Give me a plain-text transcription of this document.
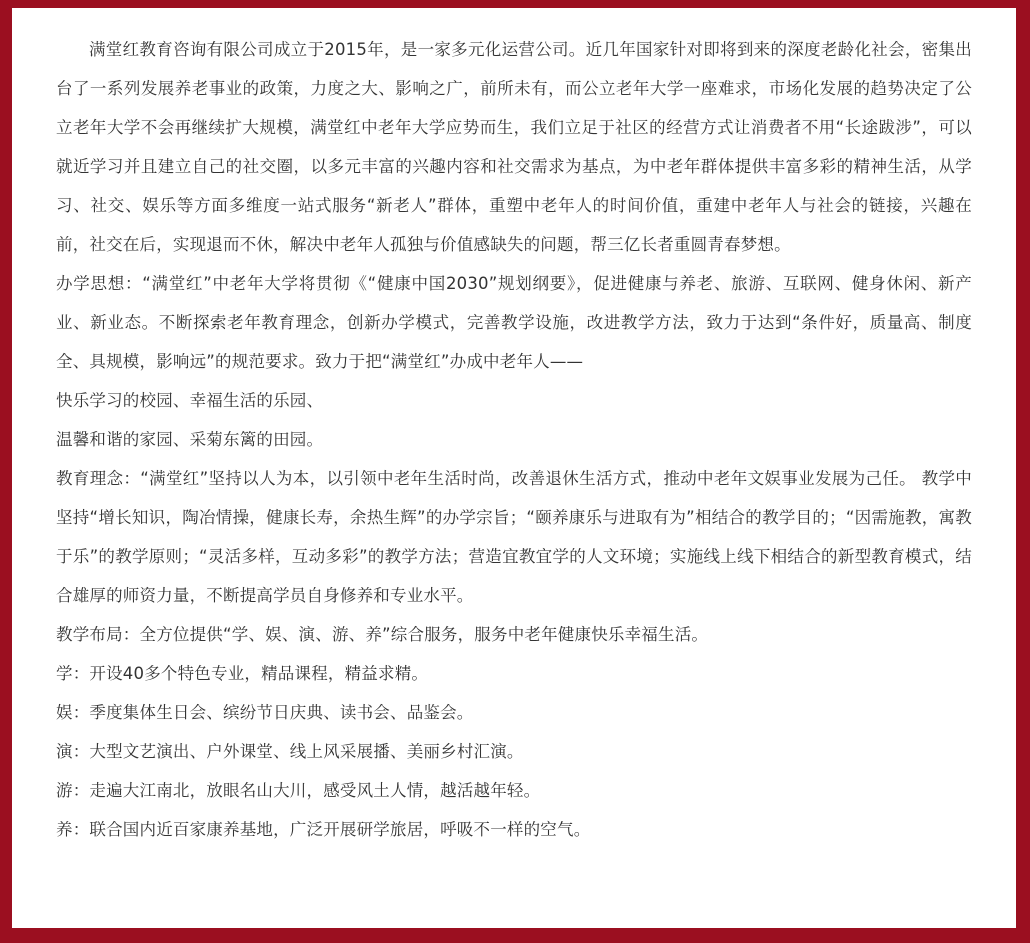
满堂红教育咨询有限公司成立于2015年，是一家多元化运营公司。近几年国家针对即将到来的深度老龄化社会，密集出台了一系列发展养老事业的政策，力度之大、影响之广，前所未有，而公立老年大学一座难求，市场化发展的趋势决定了公立老年大学不会再继续扩大规模，满堂红中老年大学应势而生，我们立足于社区的经营方式让消费者不用“长途跋涉”，可以就近学习并且建立自己的社交圈，以多元丰富的兴趣内容和社交需求为基点，为中老年群体提供丰富多彩的精神生活，从学习、社交、娱乐等方面多维度一站式服务“新老人”群体，重塑中老年人的时间价值，重建中老年人与社会的链接，兴趣在前，社交在后，实现退而不休，解决中老年人孤独与价值感缺失的问题，帮三亿长者重圆青春梦想。

办学思想：“满堂红”中老年大学将贯彻《“健康中国2030”规划纲要》，促进健康与养老、旅游、互联网、健身休闲、新产业、新业态。不断探索老年教育理念，创新办学模式，完善教学设施，改进教学方法，致力于达到“条件好，质量高、制度全、具规模，影响远”的规范要求。致力于把“满堂红”办成中老年人——

快乐学习的校园、幸福生活的乐园、

温馨和谐的家园、采菊东篱的田园。

教育理念：“满堂红”坚持以人为本，以引领中老年生活时尚，改善退休生活方式，推动中老年文娱事业发展为己任。 教学中坚持“增长知识，陶冶情操，健康长寿，余热生辉”的办学宗旨；“颐养康乐与进取有为”相结合的教学目的；“因需施教，寓教于乐”的教学原则；“灵活多样，互动多彩”的教学方法；营造宜教宜学的人文环境；实施线上线下相结合的新型教育模式，结合雄厚的师资力量，不断提高学员自身修养和专业水平。

教学布局：全方位提供“学、娱、演、游、养”综合服务，服务中老年健康快乐幸福生活。

学：开设40多个特色专业，精品课程，精益求精。

娱：季度集体生日会、缤纷节日庆典、读书会、品鉴会。

演：大型文艺演出、户外课堂、线上风采展播、美丽乡村汇演。

游：走遍大江南北，放眼名山大川，感受风土人情，越活越年轻。

养：联合国内近百家康养基地，广泛开展研学旅居，呼吸不一样的空气。
